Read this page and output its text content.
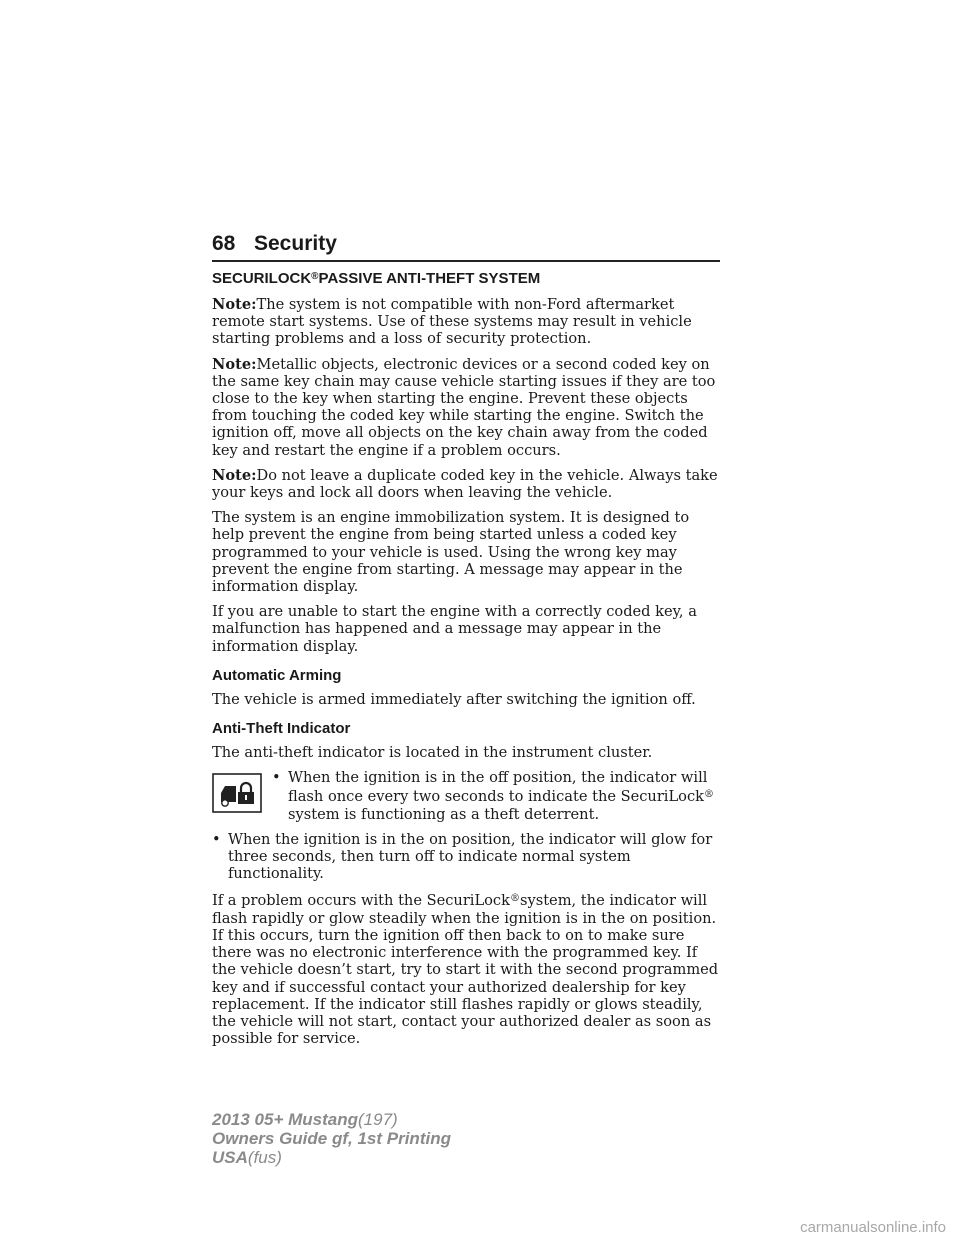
68 Security
SECURILOCK®PASSIVE ANTI-THEFT SYSTEM

Note:The system is not compatible with non-Ford aftermarket remote start systems. Use of these systems may result in vehicle starting problems and a loss of security protection.

Note:Metallic objects, electronic devices or a second coded key on the same key chain may cause vehicle starting issues if they are too close to the key when starting the engine. Prevent these objects from touching the coded key while starting the engine. Switch the ignition off, move all objects on the key chain away from the coded key and restart the engine if a problem occurs.

Note:Do not leave a duplicate coded key in the vehicle. Always take your keys and lock all doors when leaving the vehicle.

The system is an engine immobilization system. It is designed to help prevent the engine from being started unless a coded key programmed to your vehicle is used. Using the wrong key may prevent the engine from starting. A message may appear in the information display.

If you are unable to start the engine with a correctly coded key, a malfunction has happened and a message may appear in the information display.

Automatic Arming

The vehicle is armed immediately after switching the ignition off.

Anti-Theft Indicator

The anti-theft indicator is located in the instrument cluster.

• When the ignition is in the off position, the indicator will flash once every two seconds to indicate the SecuriLock® system is functioning as a theft deterrent.
• When the ignition is in the on position, the indicator will glow for three seconds, then turn off to indicate normal system functionality.

If a problem occurs with the SecuriLock®system, the indicator will flash rapidly or glow steadily when the ignition is in the on position. If this occurs, turn the ignition off then back to on to make sure there was no electronic interference with the programmed key. If the vehicle doesn’t start, try to start it with the second programmed key and if successful contact your authorized dealership for key replacement. If the indicator still flashes rapidly or glows steadily, the vehicle will not start, contact your authorized dealer as soon as possible for service.

2013 05+ Mustang(197)
Owners Guide gf, 1st Printing
USA(fus)
carmanualsonline.info
